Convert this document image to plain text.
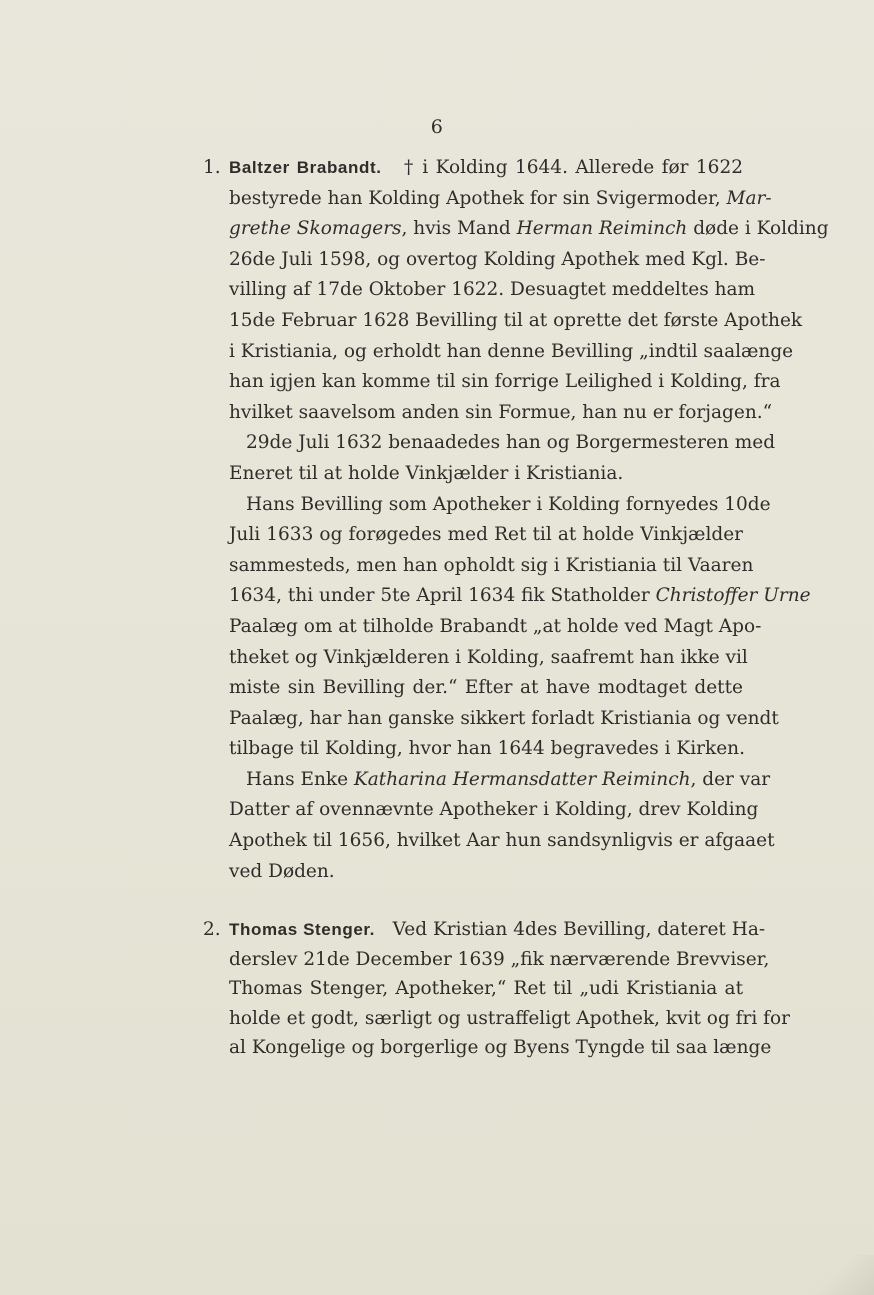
6
1. Baltzer Brabandt. † i Kolding 1644. Allerede før 1622
bestyrede han Kolding Apothek for sin Svigermoder, Mar-
grethe Skomagers, hvis Mand Herman Reiminch døde i Kolding
26de Juli 1598, og overtog Kolding Apothek med Kgl. Be-
villing af 17de Oktober 1622. Desuagtet meddeltes ham
15de Februar 1628 Bevilling til at oprette det første Apothek
i Kristiania, og erholdt han denne Bevilling „indtil saalænge
han igjen kan komme til sin forrige Leilighed i Kolding, fra
hvilket saavelsom anden sin Formue, han nu er forjagen.“
29de Juli 1632 benaadedes han og Borgermesteren med
Eneret til at holde Vinkjælder i Kristiania.
Hans Bevilling som Apotheker i Kolding fornyedes 10de
Juli 1633 og forøgedes med Ret til at holde Vinkjælder
sammesteds, men han opholdt sig i Kristiania til Vaaren
1634, thi under 5te April 1634 fik Statholder Christoffer Urne
Paalæg om at tilholde Brabandt „at holde ved Magt Apo-
theket og Vinkjælderen i Kolding, saafremt han ikke vil
miste sin Bevilling der.“ Efter at have modtaget dette
Paalæg, har han ganske sikkert forladt Kristiania og vendt
tilbage til Kolding, hvor han 1644 begravedes i Kirken.
Hans Enke Katharina Hermansdatter Reiminch, der var
Datter af ovennævnte Apotheker i Kolding, drev Kolding
Apothek til 1656, hvilket Aar hun sandsynligvis er afgaaet
ved Døden.
2. Thomas Stenger. Ved Kristian 4des Bevilling, dateret Ha-
derslev 21de December 1639 „fik nærværende Brevviser,
Thomas Stenger, Apotheker,“ Ret til „udi Kristiania at
holde et godt, særligt og ustraffeligt Apothek, kvit og fri for
al Kongelige og borgerlige og Byens Tyngde til saa længe
